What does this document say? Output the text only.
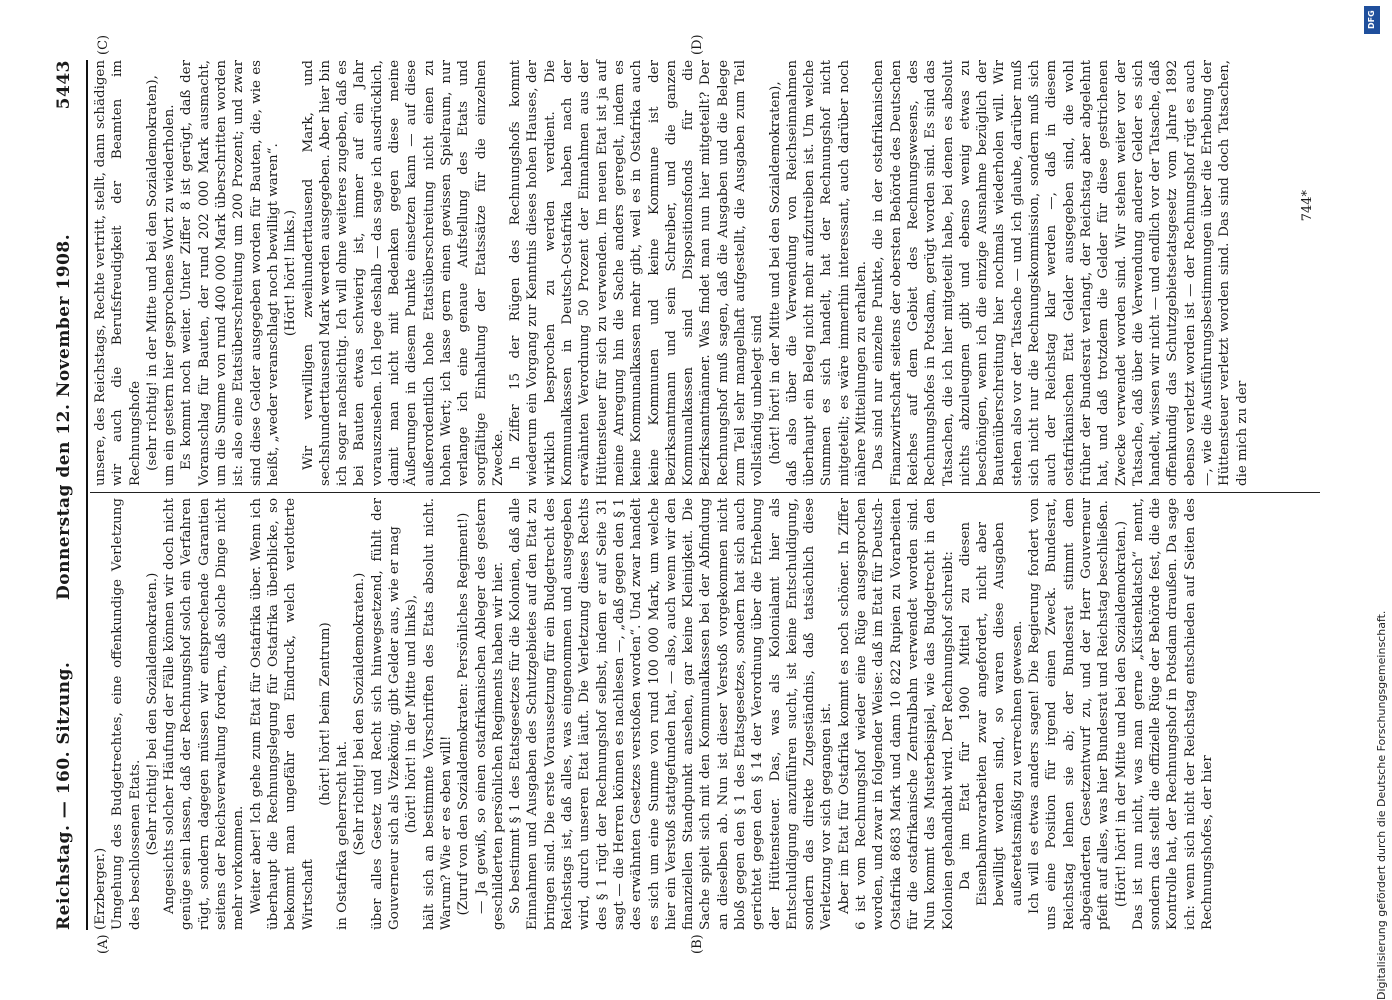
Reichstag. — 160. Sitzung.
Donnerstag den 12. November 1908.
5443
(A)	(B)
(C)	(D)

(Erzberger.) Umgehung des Budgetrechtes, eine offenkundige Verletzung des beschlossenen Etats. (Sehr richtig! bei den Sozialdemokraten.) Angesichts solcher Häufung der Fälle können wir doch nicht genüge sein lassen, daß der Rechnungshof solch ein Verfahren rügt, sondern dagegen müssen wir entsprechende Garantien seitens der Reichsverwaltung fordern, daß solche Dinge nicht mehr vorkommen. Weiter aber! Ich gehe zum Etat für Ostafrika über. Wenn ich überhaupt die Rechnungslegung für Ostafrika überblicke, so bekommt man ungefähr den Eindruck, welch verlotterte Wirtschaft

(hört! hört! beim Zentrum)

in Ostafrika geherrscht hat. (Sehr richtig! bei den Sozialdemokraten.) über alles Gesetz und Recht sich hinwegsetzend, fühlt der Gouverneur sich als Vizekönig, gibt Gelder aus, wie er mag (hört! hört! in der Mitte und links), hält sich an bestimmte Vorschriften des Etats absolut nicht. Warum? Wie er es eben will! (Zuruf von den Sozialdemokraten: Persönliches Regiment!) — Ja gewiß, so einen ostafrikanischen Ableger des gestern geschilderten persönlichen Regiments haben wir hier. So bestimmt § 1 des Etatsgesetzes für die Kolonien, daß alle Einnahmen und Ausgaben des Schutzgebietes auf den Etat zu bringen sind. Die erste Voraussetzung für ein Budgetrecht des Reichstags ist, daß alles, was eingenommen und ausgegeben wird, durch unseren Etat läuft. Die Verletzung dieses Rechts des § 1 rügt der Rechnungshof selbst, indem er auf Seite 31 sagt — die Herren können es nachlesen —, „daß gegen den § 1 des erwähnten Gesetzes verstoßen worden“. Und zwar handelt es sich um eine Summe von rund 100 000 Mark, um welche hier ein Verstoß stattgefunden hat, — also, auch wenn wir den finanziellen Standpunkt ansehen, gar keine Kleinigkeit. Die Sache spielt sich mit den Kommunalkassen bei der Abfindung an dieselben ab. Nun ist dieser Verstoß vorgekommen nicht bloß gegen den § 1 des Etatsgesetzes, sondern hat sich auch gerichtet gegen den § 14 der Verordnung über die Erhebung der Hüttensteuer. Das, was als Kolonialamt hier als Entschuldigung anzuführen sucht, ist keine Entschuldigung, sondern das direkte Zugeständnis, daß tatsächlich diese Verletzung vor sich gegangen ist. Aber im Etat für Ostafrika kommt es noch schöner. In Ziffer 6 ist vom Rechnungshof wieder eine Rüge ausgesprochen worden, und zwar in folgender Weise: daß im Etat für Deutsch-Ostafrika 8683 Mark und dann 10 822 Rupien zu Vorarbeiten für die ostafrikanische Zentralbahn verwendet worden sind. Nun kommt das Musterbeispiel, wie das Budgetrecht in den Kolonien gehandhabt wird. Der Rechnungshof schreibt: Da im Etat für 1900 Mittel zu diesen Eisenbahnvorarbeiten zwar angefordert, nicht aber bewilligt worden sind, so waren diese Ausgaben außeretatsmäßig zu verrechnen gewesen. Ich will es etwas anders sagen! Die Regierung fordert von uns eine Position für irgend einen Zweck. Bundesrat, Reichstag lehnen sie ab; der Bundesrat stimmt dem abgeänderten Gesetzentwurf zu, und der Herr Gouverneur pfeift auf alles, was hier Bundesrat und Reichstag beschließen. (Hört! hört! in der Mitte und bei den Sozialdemokraten.) Das ist nun nicht, was man gerne „Küstenklatsch“ nennt, sondern das stellt die offizielle Rüge der Behörde fest, die die Kontrolle hat, der Rechnungshof in Potsdam draußen. Da sage ich: wenn sich nicht der Reichstag entschieden auf Seiten des Rechnungshofes, der hier

unsere, des Reichstags, Rechte vertritt, stellt, dann schädigen wir auch die Berufsfreudigkeit der Beamten im Rechnungshofe (sehr richtig! in der Mitte und bei den Sozialdemokraten), um ein gestern hier gesprochenes Wort zu wiederholen. Es kommt noch weiter. Unter Ziffer 8 ist gerügt, daß der Voranschlag für Bauten, der rund 202 000 Mark ausmacht, um die Summe von rund 400 000 Mark überschritten worden ist: also eine Etatsüberschreitung um 200 Prozent; und zwar sind diese Gelder ausgegeben worden für Bauten, die, wie es heißt, „weder veranschlagt noch bewilligt waren“. (Hört! hört! links.) Wir verwilligen zweihunderttausend Mark, und sechshunderttausend Mark werden ausgegeben. Aber hier bin ich sogar nachsichtig. Ich will ohne weiteres zugeben, daß es bei Bauten etwas schwierig ist, immer auf ein Jahr vorauszusehen. Ich lege deshalb — das sage ich ausdrücklich, damit man nicht mit Bedenken gegen diese meine Äußerungen in diesem Punkte einsetzen kann — auf diese außerordentlich hohe Etatsüberschreitung nicht einen zu hohen Wert; ich lasse gern einen gewissen Spielraum, nur verlange ich eine genaue Aufstellung des Etats und sorgfältige Einhaltung der Etatssätze für die einzelnen Zwecke. In Ziffer 15 der Rügen des Rechnungshofs kommt wiederum ein Vorgang zur Kenntnis dieses hohen Hauses, der wirklich besprochen zu werden verdient. Die Kommunalkassen in Deutsch-Ostafrika haben nach der erwähnten Verordnung 50 Prozent der Einnahmen aus der Hüttensteuer für sich zu verwenden. Im neuen Etat ist ja auf meine Anregung hin die Sache anders geregelt, indem es keine Kommunalkassen mehr gibt, weil es in Ostafrika auch keine Kommunen und keine Kommune ist der Bezirksamtmann und sein Schreiber, und die ganzen Kommunalkassen sind Dispositionsfonds für die Bezirksamtmänner. Was findet man nun hier mitgeteilt? Der Rechnungshof muß sagen, daß die Ausgaben und die Belege zum Teil sehr mangelhaft aufgestellt, die Ausgaben zum Teil vollständig unbelegt sind (hört! hört! in der Mitte und bei den Sozialdemokraten), daß also über die Verwendung von Reichseinnahmen überhaupt ein Beleg nicht mehr aufzutreiben ist. Um welche Summen es sich handelt, hat der Rechnungshof nicht mitgeteilt; es wäre immerhin interessant, auch darüber noch nähere Mitteilungen zu erhalten. Das sind nur einzelne Punkte, die in der ostafrikanischen Finanzwirtschaft seitens der obersten Behörde des Deutschen Reiches auf dem Gebiet des Rechnungswesens, des Rechnungshofes in Potsdam, gerügt worden sind. Es sind das Tatsachen, die ich hier mitgeteilt habe, bei denen es absolut nichts abzuleugnen gibt und ebenso wenig etwas zu beschönigen, wenn ich die einzige Ausnahme bezüglich der Bautenüberschreitung hier nochmals wiederholen will. Wir stehen also vor der Tatsache — und ich glaube, darüber muß sich nicht nur die Rechnungskommission, sondern muß sich auch der Reichstag klar werden —, daß in diesem ostafrikanischen Etat Gelder ausgegeben sind, die wohl früher der Bundesrat verlangt, der Reichstag aber abgelehnt hat, und daß trotzdem die Gelder für diese gestrichenen Zwecke verwendet worden sind. Wir stehen weiter vor der Tatsache, daß über die Verwendung anderer Gelder es sich handelt, wissen wir nicht — und endlich vor der Tatsache, daß offenkundig das Schutzgebietsetatsgesetz vom Jahre 1892 ebenso verletzt worden ist — der Rechnungshof rügt es auch —, wie die Ausführungsbestimmungen über die Erhebung der Hüttensteuer verletzt worden sind. Das sind doch Tatsachen, die mich zu der

744*
DFG
Digitalisierung gefördert durch die Deutsche Forschungsgemeinschaft.
